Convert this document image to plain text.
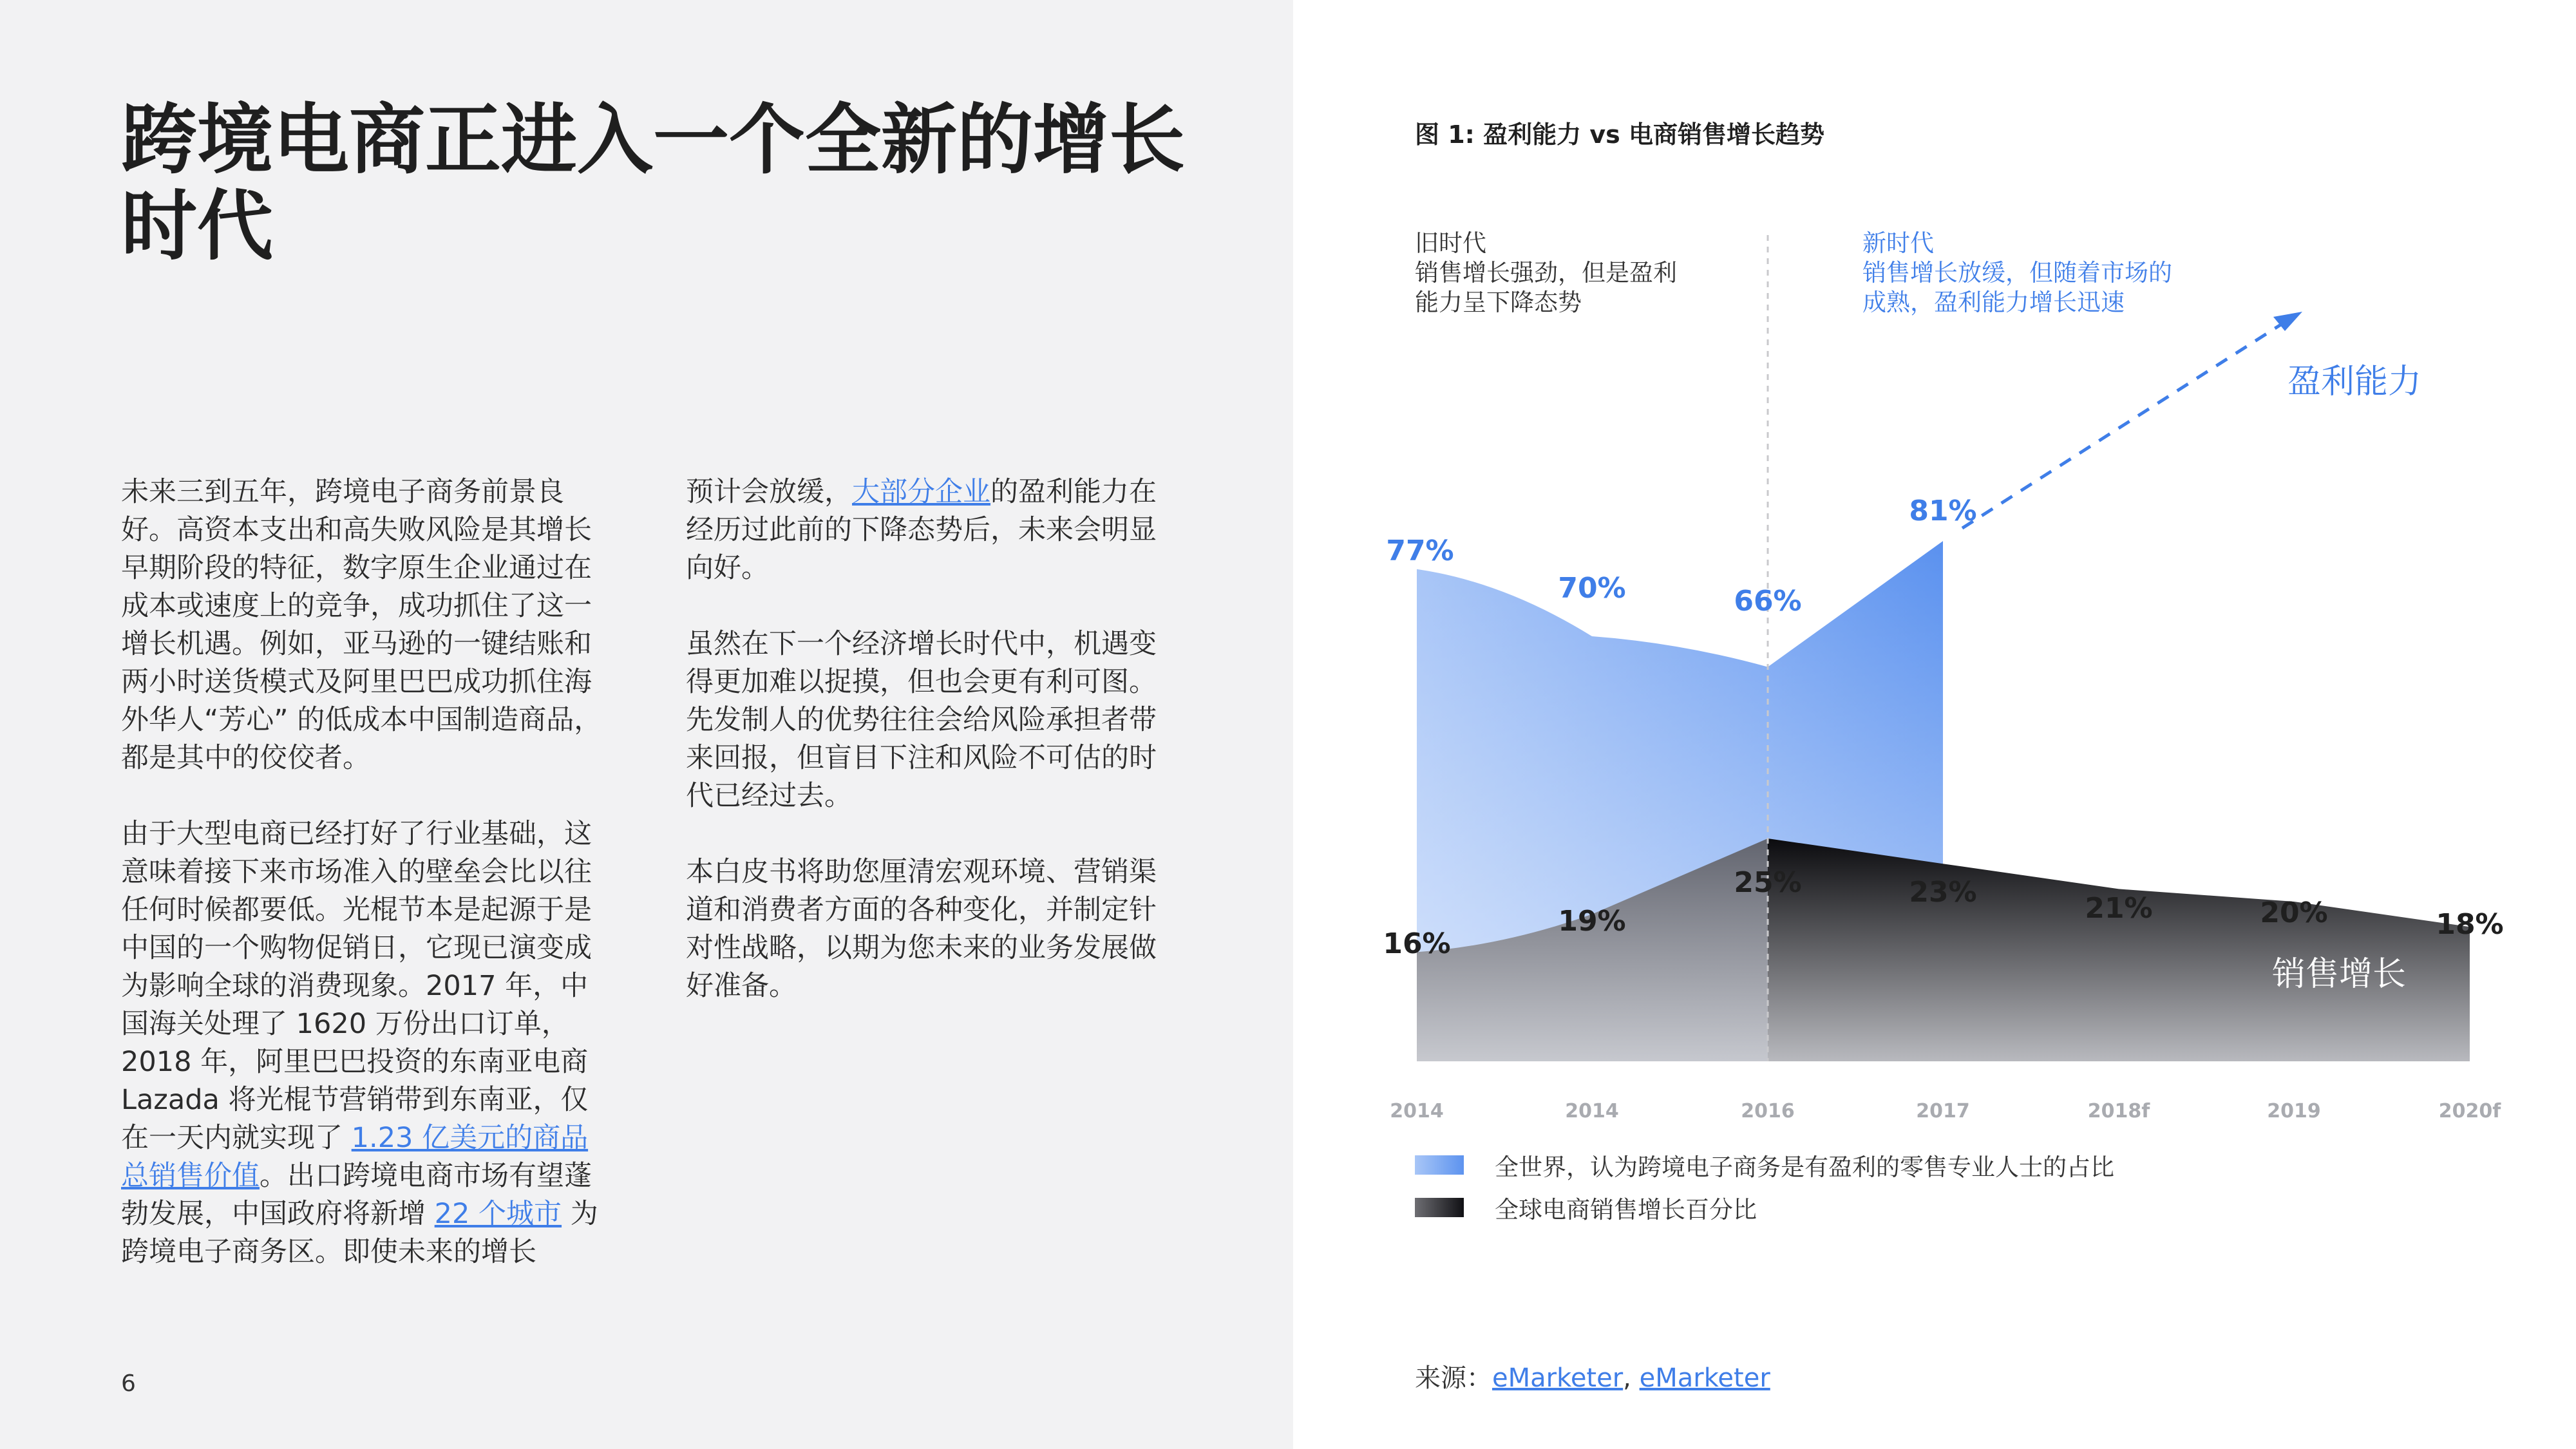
跨境电商正进入一个全新的增长时代

未来三到五年，跨境电子商务前景良好。高资本支出和高失败风险是其增长早期阶段的特征，数字原生企业通过在成本或速度上的竞争，成功抓住了这一增长机遇。例如，亚马逊的一键结账和两小时送货模式及阿里巴巴成功抓住海外华人“芳心” 的低成本中国制造商品，都是其中的佼佼者。

由于大型电商已经打好了行业基础，这意味着接下来市场准入的壁垒会比以往任何时候都要低。光棍节本是起源于是中国的一个购物促销日，它现已演变成为影响全球的消费现象。2017 年，中国海关处理了 1620 万份出口订单，2018 年，阿里巴巴投资的东南亚电商 Lazada 将光棍节营销带到东南亚，仅在一天内就实现了 1.23 亿美元的商品总销售价值。出口跨境电商市场有望蓬勃发展，中国政府将新增 22 个城市 为跨境电子商务区。即使未来的增长

预计会放缓，大部分企业的盈利能力在经历过此前的下降态势后，未来会明显向好。

虽然在下一个经济增长时代中，机遇变得更加难以捉摸，但也会更有利可图。先发制人的优势往往会给风险承担者带来回报，但盲目下注和风险不可估的时代已经过去。

本白皮书将助您厘清宏观环境、营销渠道和消费者方面的各种变化，并制定针对性战略，以期为您未来的业务发展做好准备。

6
图 1: 盈利能力 vs 电商销售增长趋势
旧时代
销售增长强劲，但是盈利
能力呈下降态势
新时代
销售增长放缓，但随着市场的
成熟，盈利能力增长迅速
77%
70%	66%
81%
16%
19%
25%	23%	21%	20%	18%
盈利能力
销售增长
2014	2014	2016	2017	2018f	2019	2020f
全世界，认为跨境电子商务是有盈利的零售专业人士的占比
全球电商销售增长百分比
来源：eMarketer, eMarketer
